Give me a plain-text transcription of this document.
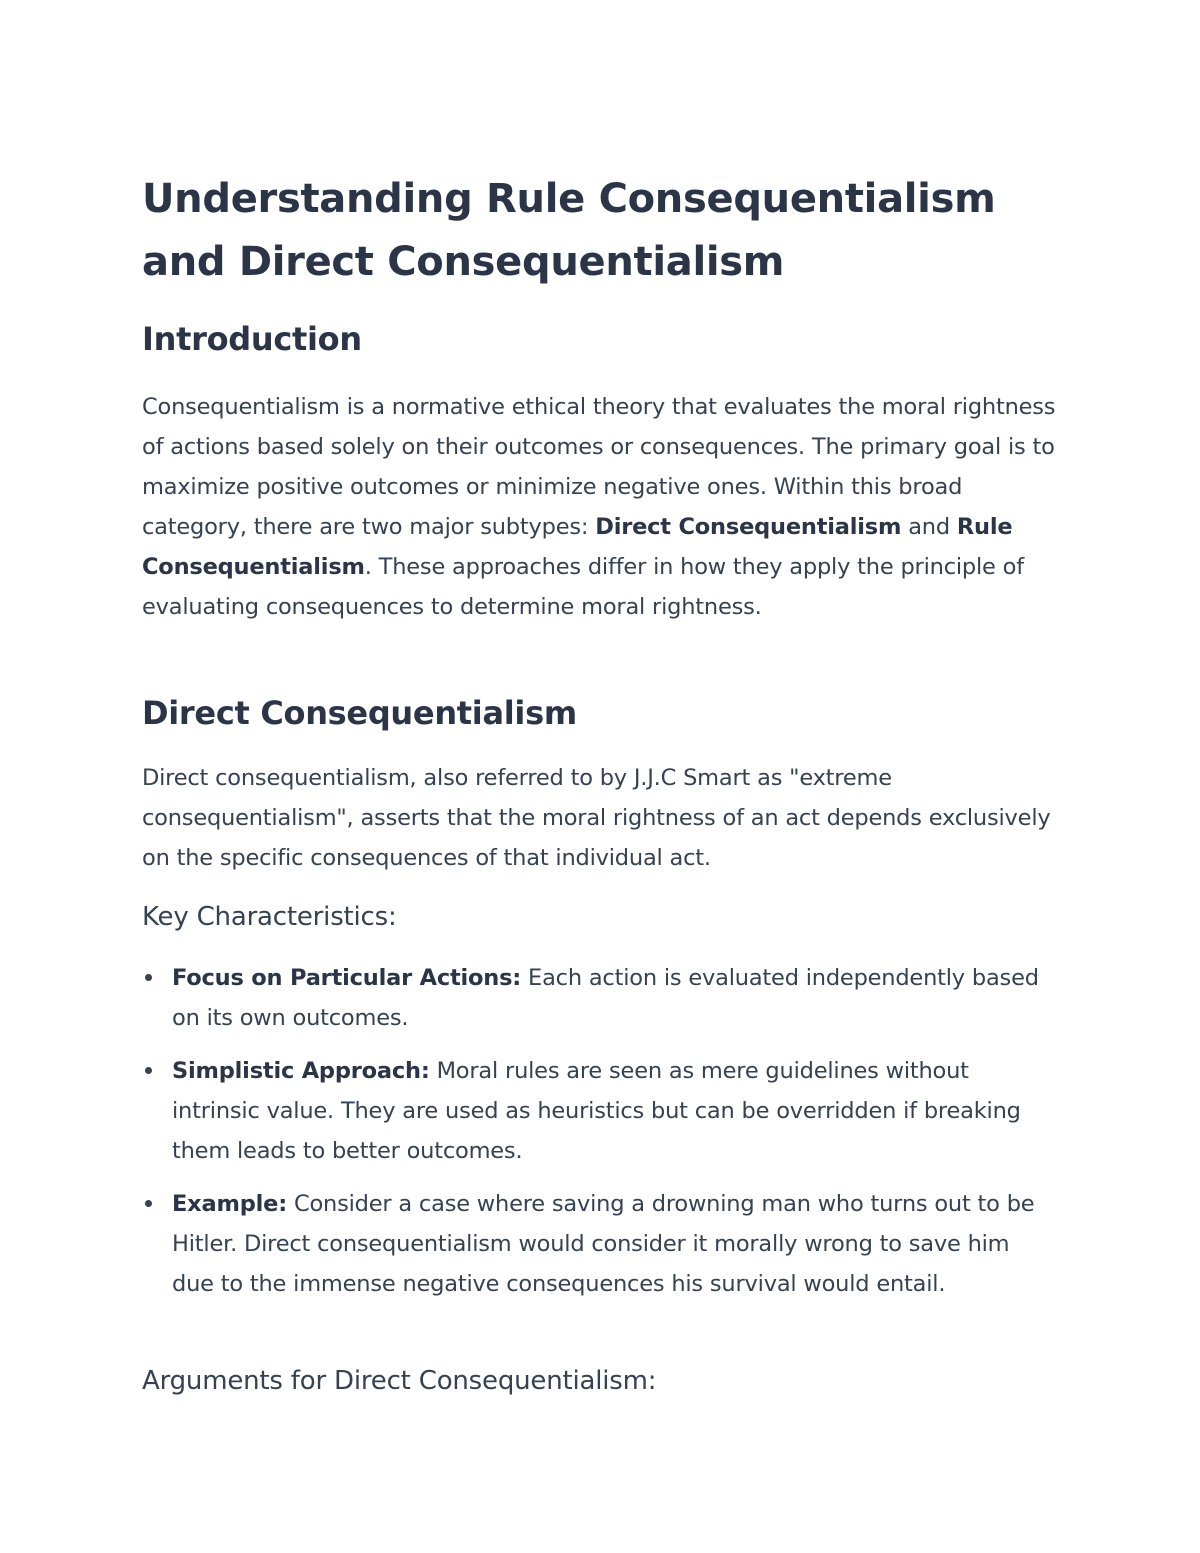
Understanding Rule Consequentialism and Direct Consequentialism
Introduction

Consequentialism is a normative ethical theory that evaluates the moral rightness of actions based solely on their outcomes or consequences. The primary goal is to maximize positive outcomes or minimize negative ones. Within this broad category, there are two major subtypes: Direct Consequentialism and Rule Consequentialism. These approaches differ in how they apply the principle of evaluating consequences to determine moral rightness.

Direct Consequentialism

Direct consequentialism, also referred to by J.J.C Smart as "extreme consequentialism", asserts that the moral rightness of an act depends exclusively on the specific consequences of that individual act.

Key Characteristics:
Focus on Particular Actions: Each action is evaluated independently based on its own outcomes.
Simplistic Approach: Moral rules are seen as mere guidelines without intrinsic value. They are used as heuristics but can be overridden if breaking them leads to better outcomes.
Example: Consider a case where saving a drowning man who turns out to be Hitler. Direct consequentialism would consider it morally wrong to save him due to the immense negative consequences his survival would entail.
Arguments for Direct Consequentialism:
